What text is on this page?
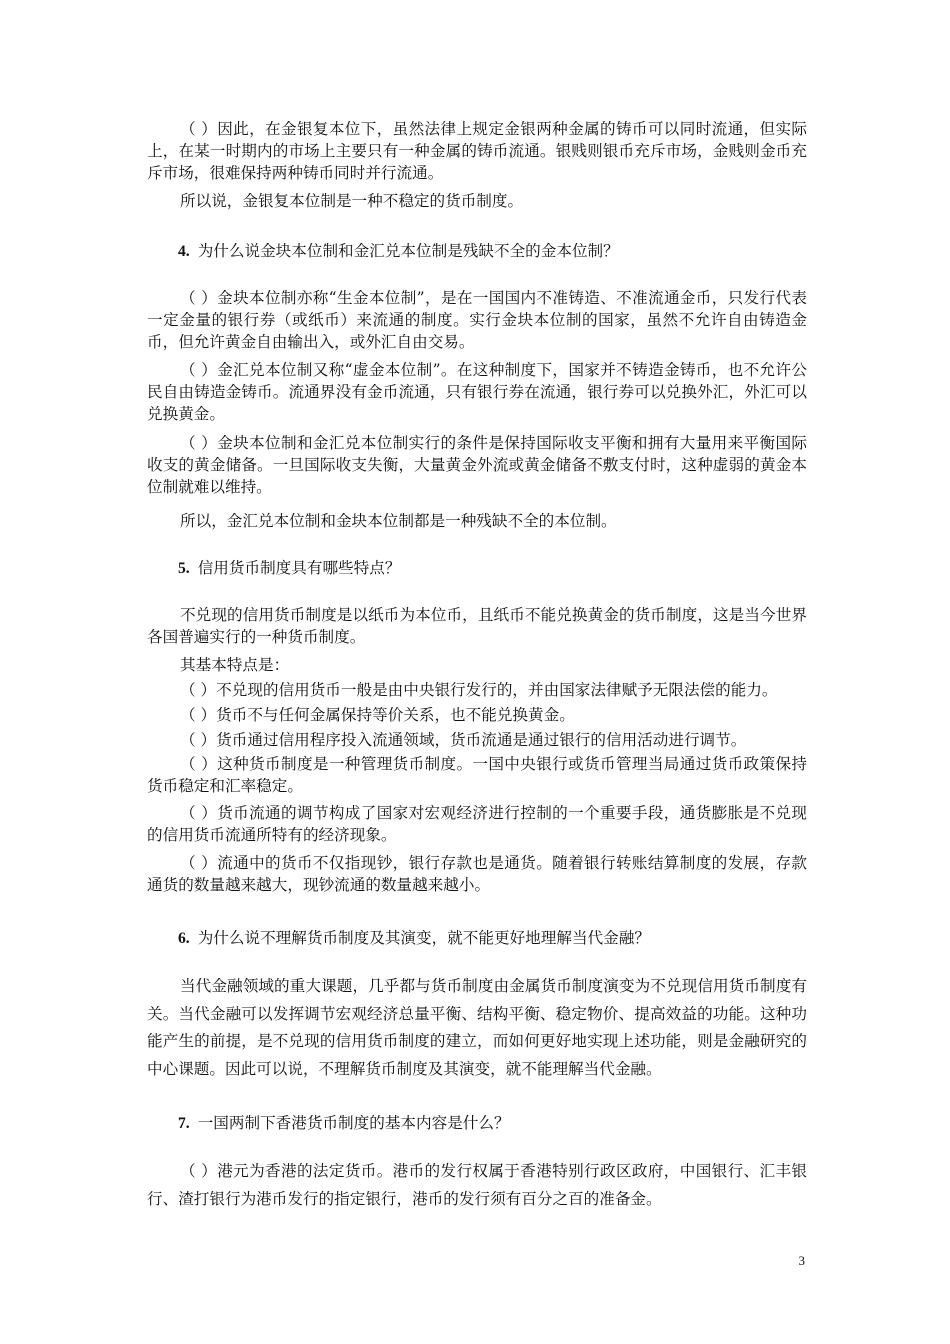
（ ）因此，在金银复本位下，虽然法律上规定金银两种金属的铸币可以同时流通，但实际上，在某一时期内的市场上主要只有一种金属的铸币流通。银贱则银币充斥市场，金贱则金币充斥市场，很难保持两种铸币同时并行流通。

所以说，金银复本位制是一种不稳定的货币制度。

4. 为什么说金块本位制和金汇兑本位制是残缺不全的金本位制？

（ ）金块本位制亦称“生金本位制”，是在一国国内不准铸造、不准流通金币，只发行代表一定金量的银行券（或纸币）来流通的制度。实行金块本位制的国家，虽然不允许自由铸造金币，但允许黄金自由输出入，或外汇自由交易。

（ ）金汇兑本位制又称“虚金本位制”。在这种制度下，国家并不铸造金铸币，也不允许公民自由铸造金铸币。流通界没有金币流通，只有银行券在流通，银行券可以兑换外汇，外汇可以兑换黄金。

（ ）金块本位制和金汇兑本位制实行的条件是保持国际收支平衡和拥有大量用来平衡国际收支的黄金储备。一旦国际收支失衡，大量黄金外流或黄金储备不敷支付时，这种虚弱的黄金本位制就难以维持。

所以，金汇兑本位制和金块本位制都是一种残缺不全的本位制。

5. 信用货币制度具有哪些特点？

不兑现的信用货币制度是以纸币为本位币，且纸币不能兑换黄金的货币制度，这是当今世界各国普遍实行的一种货币制度。

其基本特点是：

（ ）不兑现的信用货币一般是由中央银行发行的，并由国家法律赋予无限法偿的能力。

（ ）货币不与任何金属保持等价关系，也不能兑换黄金。

（ ）货币通过信用程序投入流通领域，货币流通是通过银行的信用活动进行调节。

（ ）这种货币制度是一种管理货币制度。一国中央银行或货币管理当局通过货币政策保持货币稳定和汇率稳定。

（ ）货币流通的调节构成了国家对宏观经济进行控制的一个重要手段，通货膨胀是不兑现的信用货币流通所特有的经济现象。

（ ）流通中的货币不仅指现钞，银行存款也是通货。随着银行转账结算制度的发展，存款通货的数量越来越大，现钞流通的数量越来越小。

6. 为什么说不理解货币制度及其演变，就不能更好地理解当代金融？

当代金融领域的重大课题，几乎都与货币制度由金属货币制度演变为不兑现信用货币制度有关。当代金融可以发挥调节宏观经济总量平衡、结构平衡、稳定物价、提高效益的功能。这种功能产生的前提，是不兑现的信用货币制度的建立，而如何更好地实现上述功能，则是金融研究的中心课题。因此可以说，不理解货币制度及其演变，就不能理解当代金融。

7. 一国两制下香港货币制度的基本内容是什么？

（ ）港元为香港的法定货币。港币的发行权属于香港特别行政区政府，中国银行、汇丰银行、渣打银行为港币发行的指定银行，港币的发行须有百分之百的准备金。

3
